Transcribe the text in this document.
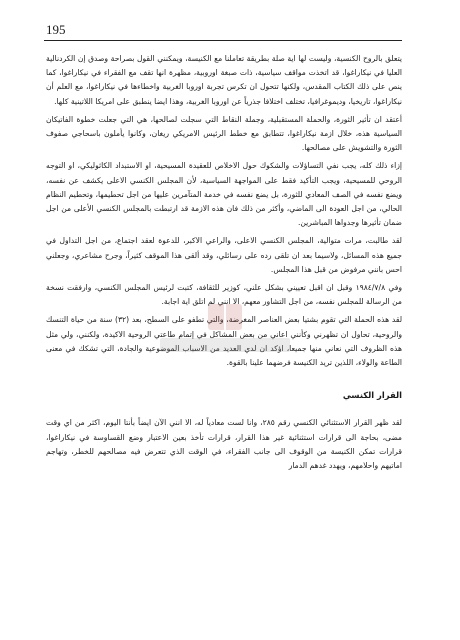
195

يتعلق بالروح الكنسية، وليست لها اية صلة بطريقة تعاملنا مع الكنيسة، ويمكنني القول بصراحة وصدق إن الكردنالية العليا في نيكاراغوا، قد اتخذت مواقف سياسية، ذات صبغة اوروبية، مظهرة انها تقف مع الفقراء في نيكاراغوا، كما ينص على ذلك الكتاب المقدس، ولكنها تتحول ان تكرس تجربة اوروبا الغربية واخطاءها في نيكاراغوا، مع العلم أن نيكاراغوا، تاريخيا، وديموغرافيا، تختلف اختلافا جذرياً عن اوروبا الغربية، وهذا ايضا ينطبق على امريكا اللاتينية كلها.

أعتقد ان تأثير الثورة، والحملة المستقبلية، وجملة النقاط التي سجلت لصالحها، هي التي جعلت خطوة الفاتيكان السياسية هذه، خلال ازمة نيكاراغوا، تتطابق مع خطط الرئيس الامريكي ريغان، وكانوا يأملون باسحاجي صفوف الثورة والتشويش على مصالحها.

إزاء ذلك كله، يجب نفي التساؤلات والشكوك حول الاخلاص للعقيدة المسيحية، او الاستبداد الكاثوليكي، او التوجه الروحي للمسيحية، ويجب التأكيد فقط على المواجهة السياسية، لأن المجلس الكنسي الاعلى يكشف عن نفسه، ويضع نفسه في الصف المعادي للثورة، بل يضع نفسه في خدمة المتآمرين عليها من اجل تحطيمها، وتحطيم النظام الحالي، من اجل العودة الى الماضي، وأكثر من ذلك فان هذه الازمة قد ارتبطت بالمجلس الكنسي الأعلى من اجل ضمان تأثيرها وجدواها المباشرين.

لقد طالبت، مرات متوالية، المجلس الكنسي الاعلى، والراعي الاكبر، للدعوة لعقد اجتماع، من اجل التداول في جميع هذه المسائل، ولاسيما بعد ان تلقى رده على رسائلي، وقد ألقى هذا الموقف كثيراً، وجرح مشاعري، وجعلني احس بانني مرفوض من قبل هذا المجلس.

وفي ١٩٨٤/٧/٨ وقبل ان اقبل تعييني بشكل علني، كوزير للثقافة، كتبت لرئيس المجلس الكنسي، وارفقت نسخة من الرسالة للمجلس نفسه، من اجل التشاور معهم، الا انني لم اتلق اية اجابة.

لقد هذه الحملة التي تقوم بشتيا بعض العناصر المغرضة، والتي تطفو على السطح، بعد (٣٢) سنة من حياة التنسك والروحية، تحاول ان تظهرني وكأنني اعاني من بعض المشاكل في إتمام طاعتي الروحية الاكيدة، ولكنني، ولي مثل هذه الظروف التي نعاني منها جميعا، اؤكد ان لدي العديد من الاسباب الموضوعية والجادة، التي تشكك في معنى الطاعة والولاء، اللذين تريد الكنيسة فرضهما علينا بالقوة.

القرار الكنسي

لقد ظهر القرار الاستثنائي الكنسي رقم ٢٨٥، وانا لست معادياً له، الا انني الآن ايضاً بأنتا اليوم، اكثر من اي وقت مضى، بحاجة الى قرارات استثنائية غير هذا القرار، قرارات تأخذ بعين الاعتبار وضع القساوسة في نيكاراغوا، قرارات تمكن الكنيسة من الوقوف الى جانب الفقراء، في الوقت الذي تتعرض فيه مصالحهم للخطر، وتهاجم اماتيهم واحلامهم، ويهدد غدهم الدمار
